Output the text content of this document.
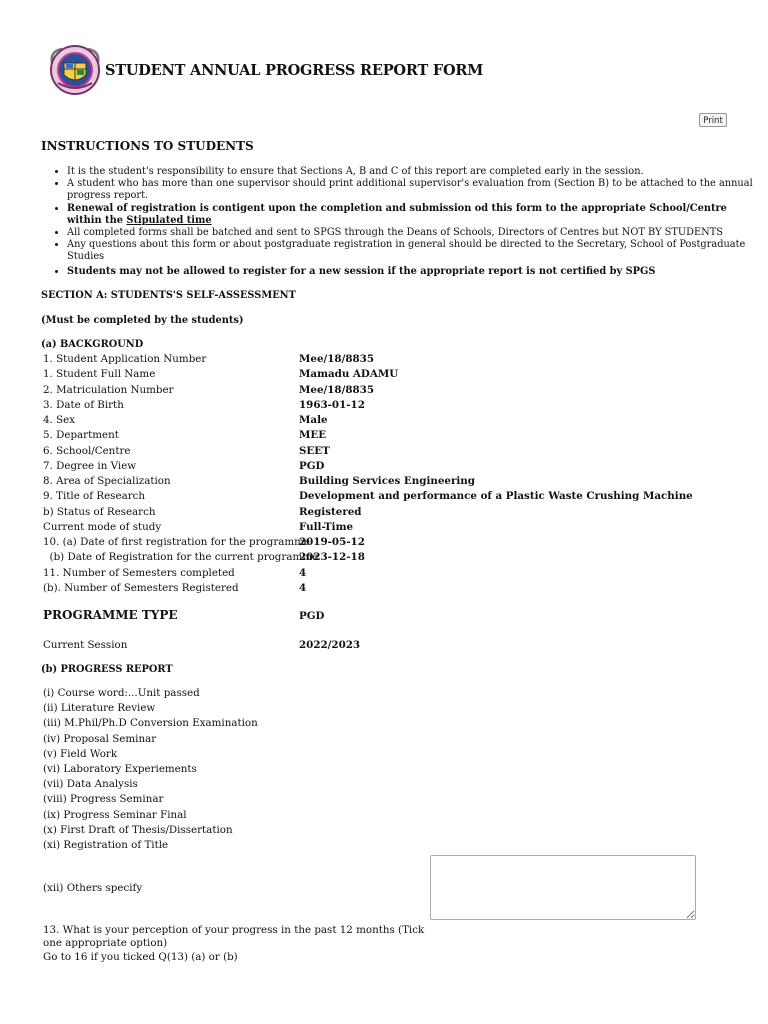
STUDENT ANNUAL PROGRESS REPORT FORM
Print
INSTRUCTIONS TO STUDENTS
• It is the student's responsibility to ensure that Sections A, B and C of this report are completed early in the session.
• A student who has more than one supervisor should print additional supervisor's evaluation from (Section B) to be attached to the annual progress report.
• Renewal of registration is contigent upon the completion and submission od this form to the appropriate School/Centre within the Stipulated time
• All completed forms shall be batched and sent to SPGS through the Deans of Schools, Directors of Centres but NOT BY STUDENTS
• Any questions about this form or about postgraduate registration in general should be directed to the Secretary, School of Postgraduate Studies
• Students may not be allowed to register for a new session if the appropriate report is not certified by SPGS
SECTION A: STUDENTS'S SELF-ASSESSMENT
(Must be completed by the students)
(a) BACKGROUND
1. Student Application Number	Mee/18/8835
1. Student Full Name	Mamadu ADAMU
2. Matriculation Number	Mee/18/8835
3. Date of Birth	1963-01-12
4. Sex	Male
5. Department	MEE
6. School/Centre	SEET
7. Degree in View	PGD
8. Area of Specialization	Building Services Engineering
9. Title of Research	Development and performance of a Plastic Waste Crushing Machine
b) Status of Research	Registered
Current mode of study	Full-Time
10. (a) Date of first registration for the programme
2019-05-12
(b) Date of Registration for the current programme
2023-12-18
11. Number of Semesters completed	4
(b). Number of Semesters Registered	4
PROGRAMME TYPE	PGD
Current Session	2022/2023
(b) PROGRESS REPORT
(i) Course word:...Unit passed
(ii) Literature Review
(iii) M.Phil/Ph.D Conversion Examination
(iv) Proposal Seminar
(v) Field Work
(vi) Laboratory Experiements
(vii) Data Analysis
(viii) Progress Seminar
(ix) Progress Seminar Final
(x) First Draft of Thesis/Dissertation
(xi) Registration of Title
(xii) Others specify
13. What is your perception of your progress in the past 12 months (Tick one appropriate option)
Go to 16 if you ticked Q(13) (a) or (b)
